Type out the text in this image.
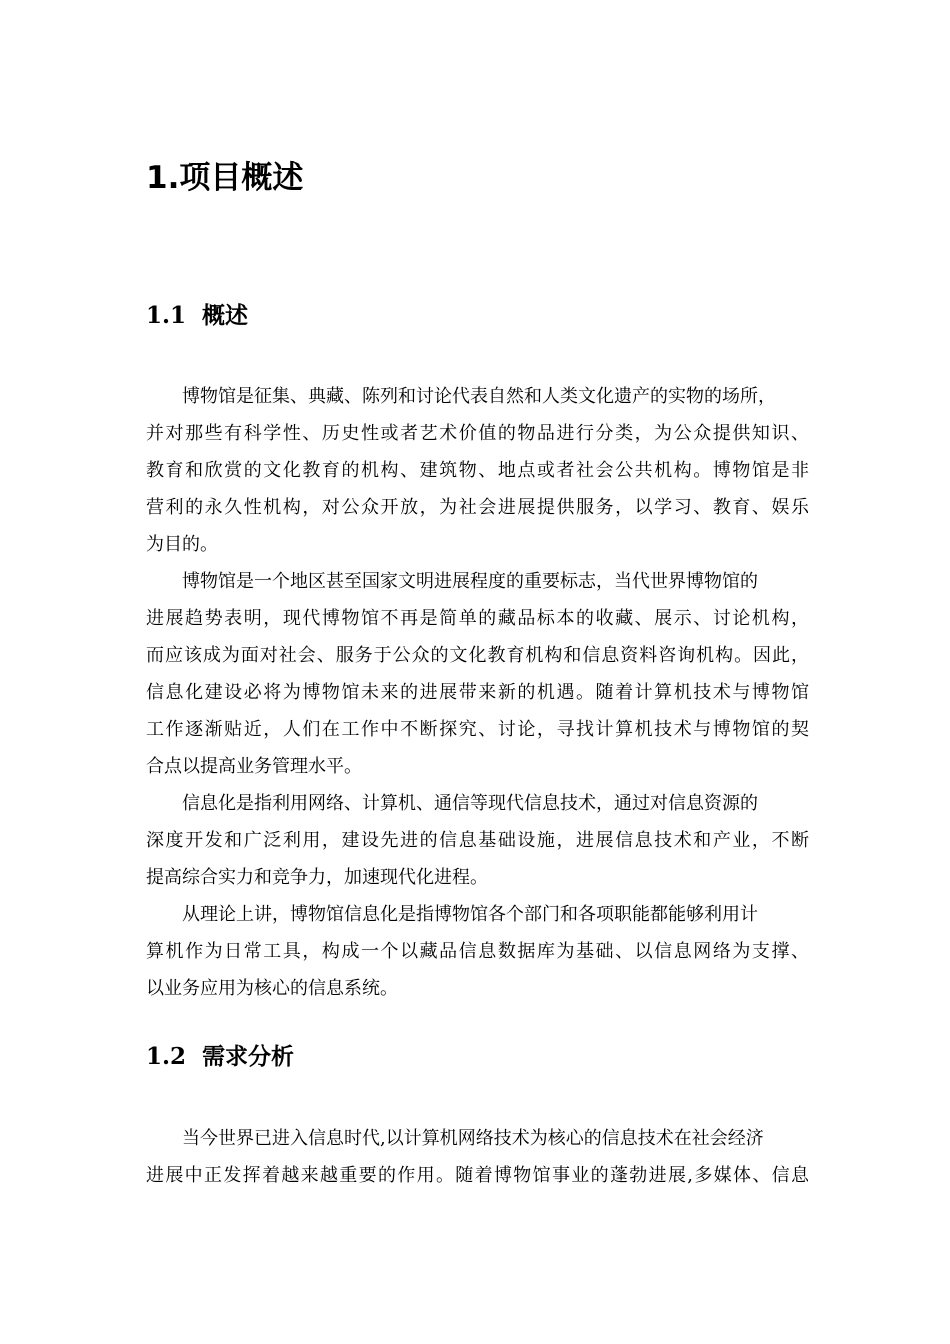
1.项目概述
1.1 概述
博物馆是征集、典藏、陈列和讨论代表自然和人类文化遗产的实物的场所，
并对那些有科学性、历史性或者艺术价值的物品进行分类，为公众提供知识、
教育和欣赏的文化教育的机构、建筑物、地点或者社会公共机构。博物馆是非
营利的永久性机构，对公众开放，为社会进展提供服务，以学习、教育、娱乐
为目的。
博物馆是一个地区甚至国家文明进展程度的重要标志，当代世界博物馆的
进展趋势表明，现代博物馆不再是简单的藏品标本的收藏、展示、讨论机构，
而应该成为面对社会、服务于公众的文化教育机构和信息资料咨询机构。因此，
信息化建设必将为博物馆未来的进展带来新的机遇。随着计算机技术与博物馆
工作逐渐贴近，人们在工作中不断探究、讨论，寻找计算机技术与博物馆的契
合点以提高业务管理水平。
信息化是指利用网络、计算机、通信等现代信息技术，通过对信息资源的
深度开发和广泛利用，建设先进的信息基础设施，进展信息技术和产业，不断
提高综合实力和竞争力，加速现代化进程。
从理论上讲，博物馆信息化是指博物馆各个部门和各项职能都能够利用计
算机作为日常工具，构成一个以藏品信息数据库为基础、以信息网络为支撑、
以业务应用为核心的信息系统。
1.2 需求分析
当今世界已进入信息时代,以计算机网络技术为核心的信息技术在社会经济
进展中正发挥着越来越重要的作用。随着博物馆事业的蓬勃进展,多媒体、信息
